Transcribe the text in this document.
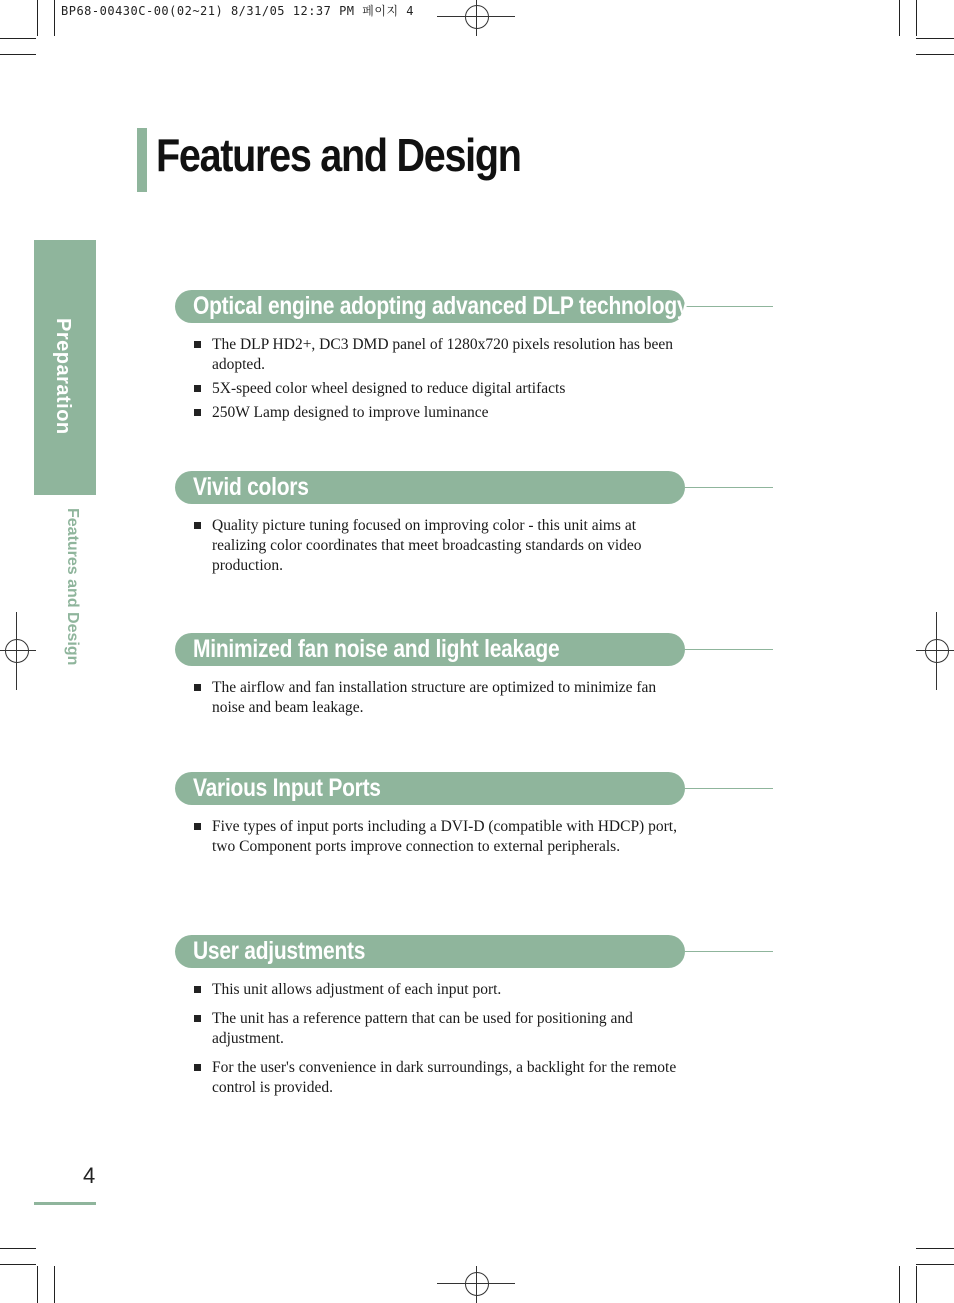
BP68-00430C-00(02~21) 8/31/05 12:37 PM 페이지 4
Features and Design
Preparation
Features and Design
Optical engine adopting advanced DLP technology
The DLP HD2+, DC3 DMD panel of 1280x720 pixels resolution has been adopted.
5X-speed color wheel designed to reduce digital artifacts
250W Lamp designed to improve luminance
Vivid colors
Quality picture tuning focused on improving color - this unit aims at realizing color coordinates that meet broadcasting standards on video production.
Minimized fan noise and light leakage
The airflow and fan installation structure are optimized to minimize fan noise and beam leakage.
Various Input Ports
Five types of input ports including a DVI-D (compatible with HDCP) port, two Component ports improve connection to external peripherals.
User adjustments
This unit allows adjustment of each input port.
The unit has a reference pattern that can be used for positioning and adjustment.
For the user's convenience in dark surroundings, a backlight for the remote control is provided.
4
